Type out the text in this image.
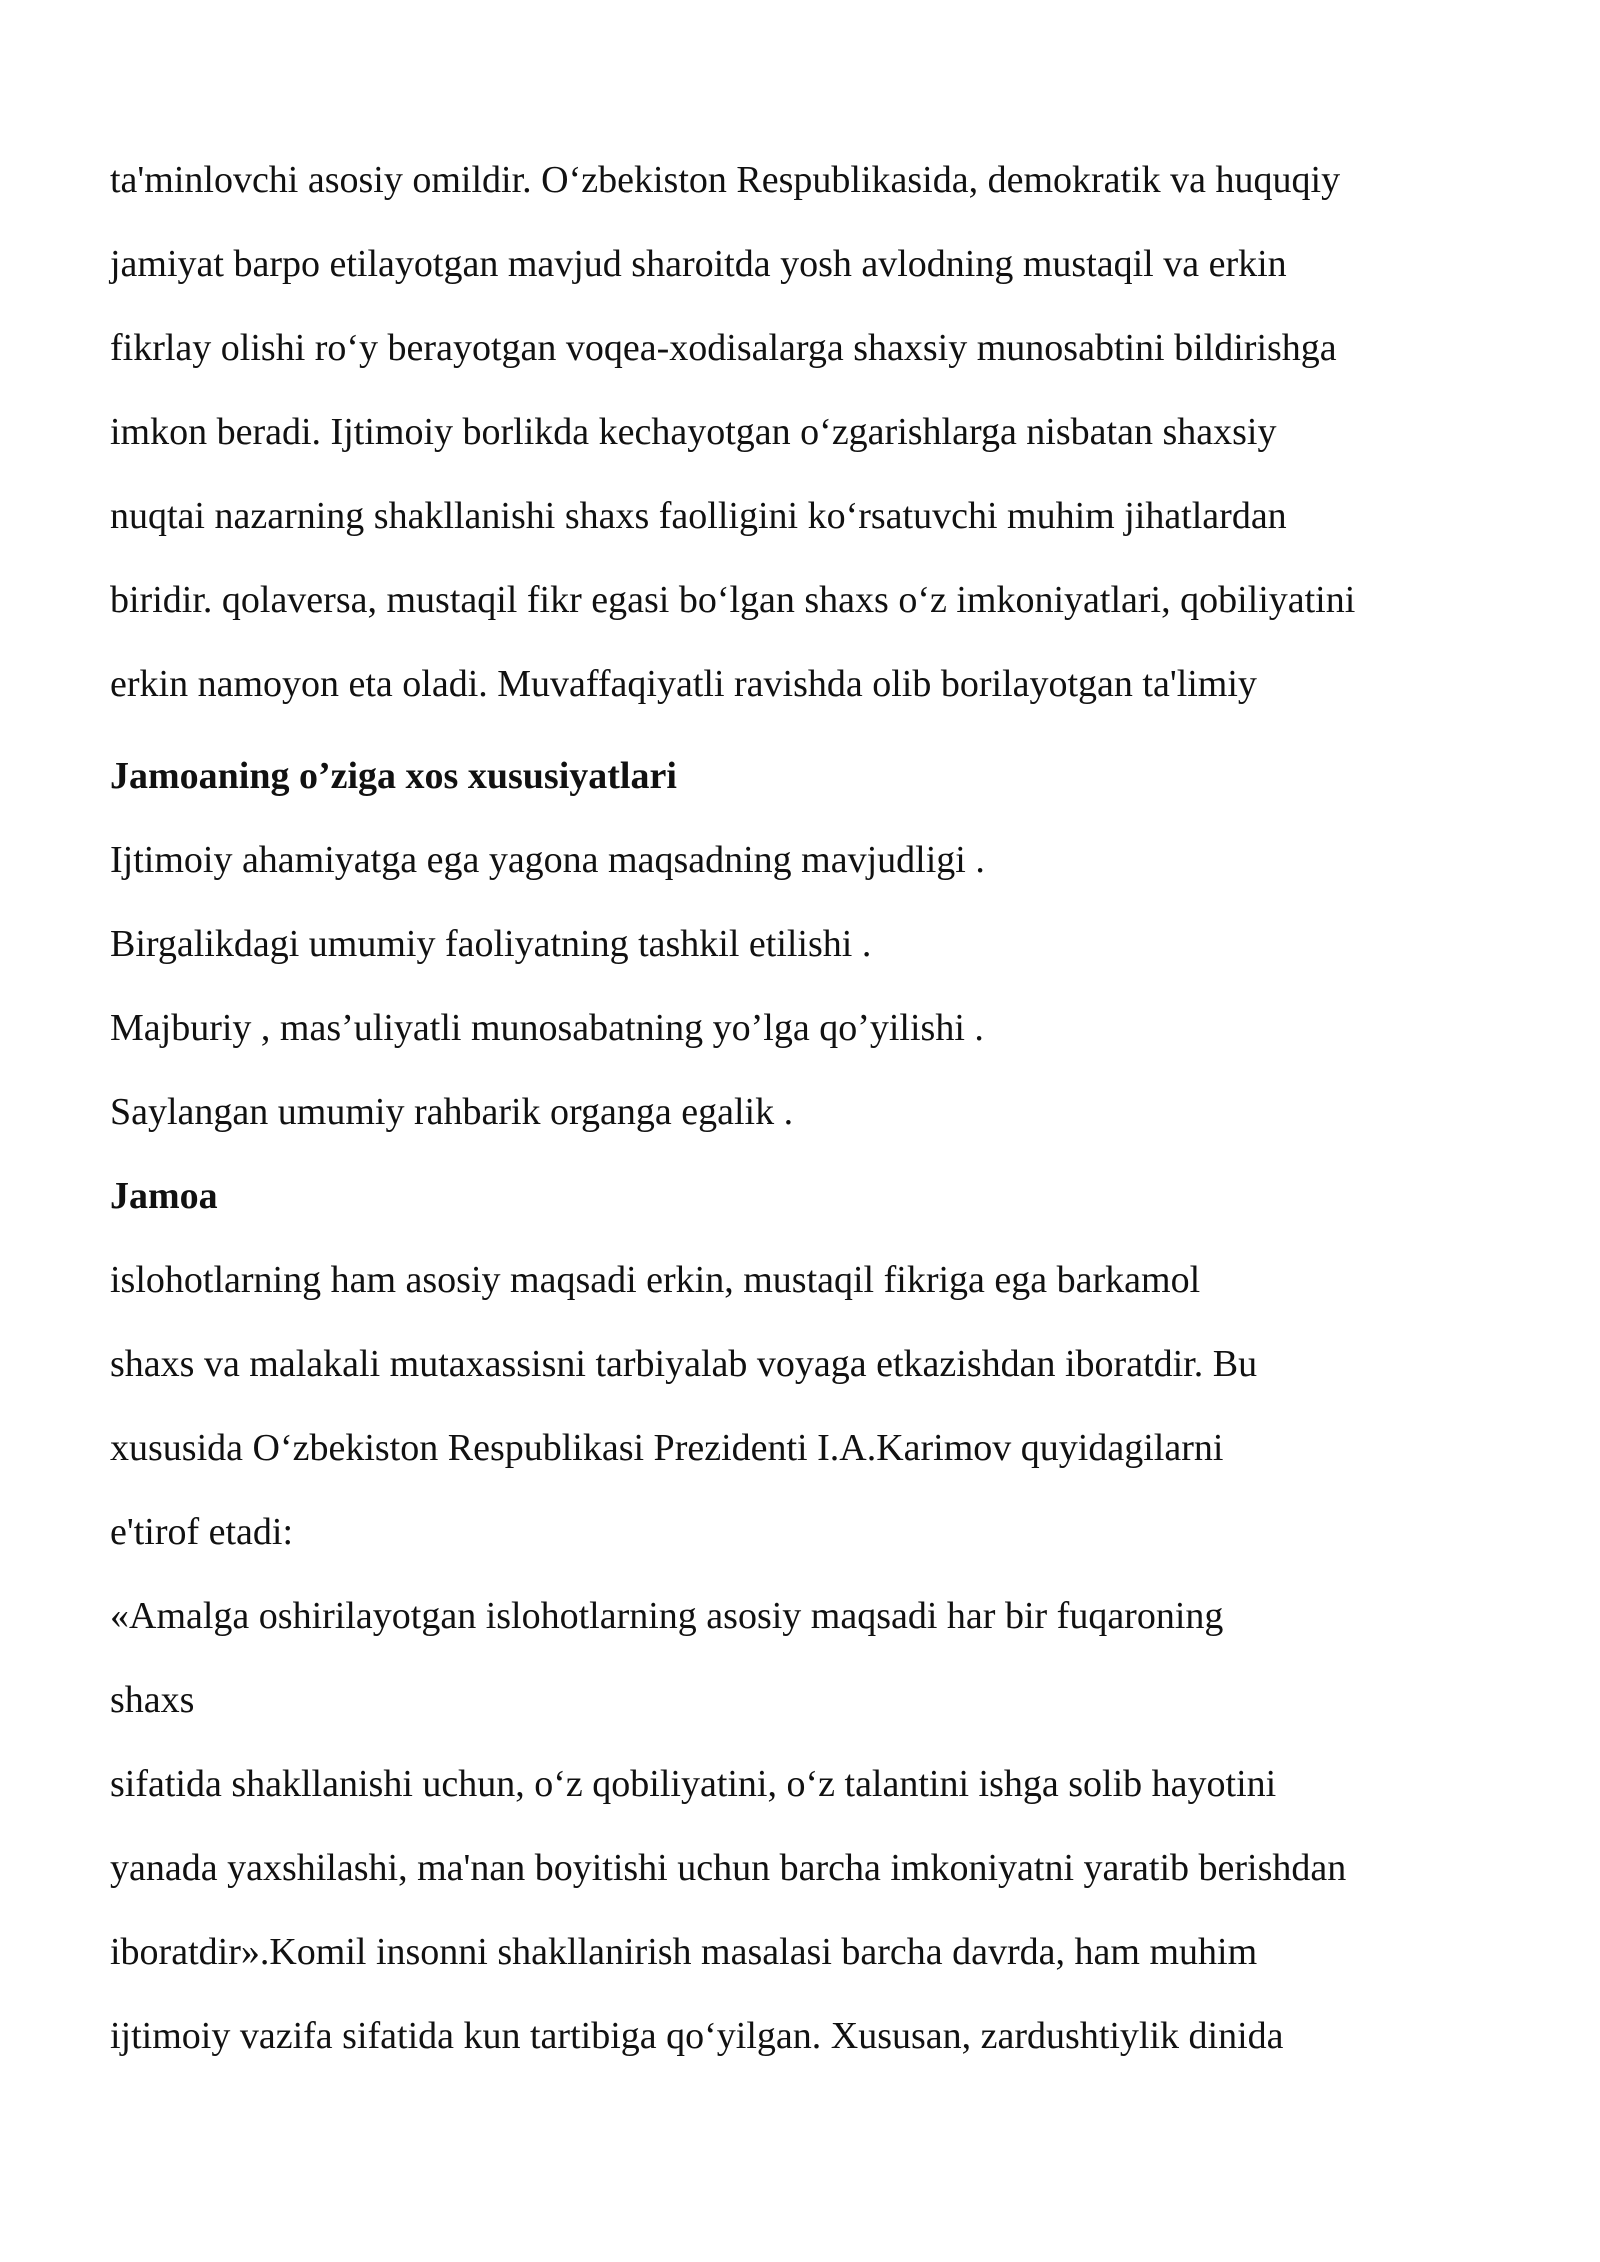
ta'minlovchi asosiy omildir. O‘zbekiston Respublikasida, demokratik va huquqiy
jamiyat barpo etilayotgan mavjud sharoitda yosh avlodning mustaqil va erkin
fikrlay olishi ro‘y berayotgan voqea-xodisalarga shaxsiy munosabtini bildirishga
imkon beradi. Ijtimoiy borlikda kechayotgan o‘zgarishlarga nisbatan shaxsiy
nuqtai nazarning shakllanishi shaxs faolligini ko‘rsatuvchi muhim jihatlardan
biridir. qolaversa, mustaqil fikr egasi bo‘lgan shaxs o‘z imkoniyatlari, qobiliyatini
erkin namoyon eta oladi. Muvaffaqiyatli ravishda olib borilayotgan ta'limiy
Jamoaning o’ziga xos xususiyatlari
Ijtimoiy ahamiyatga ega yagona maqsadning mavjudligi .
Birgalikdagi umumiy faoliyatning tashkil etilishi .
Majburiy , mas’uliyatli munosabatning yo’lga qo’yilishi .
Saylangan umumiy rahbarik organga egalik .
Jamoa
islohotlarning ham asosiy maqsadi erkin, mustaqil fikriga ega barkamol
shaxs va malakali mutaxassisni tarbiyalab voyaga etkazishdan iboratdir. Bu
xususida O‘zbekiston Respublikasi Prezidenti I.A.Karimov quyidagilarni
e'tirof etadi:
«Amalga oshirilayotgan islohotlarning asosiy maqsadi har bir fuqaroning
shaxs
sifatida shakllanishi uchun, o‘z qobiliyatini, o‘z talantini ishga solib hayotini
yanada yaxshilashi, ma'nan boyitishi uchun barcha imkoniyatni yaratib berishdan
iboratdir».Komil insonni shakllanirish masalasi barcha davrda, ham muhim
ijtimoiy vazifa sifatida kun tartibiga qo‘yilgan. Xususan, zardushtiylik dinida
